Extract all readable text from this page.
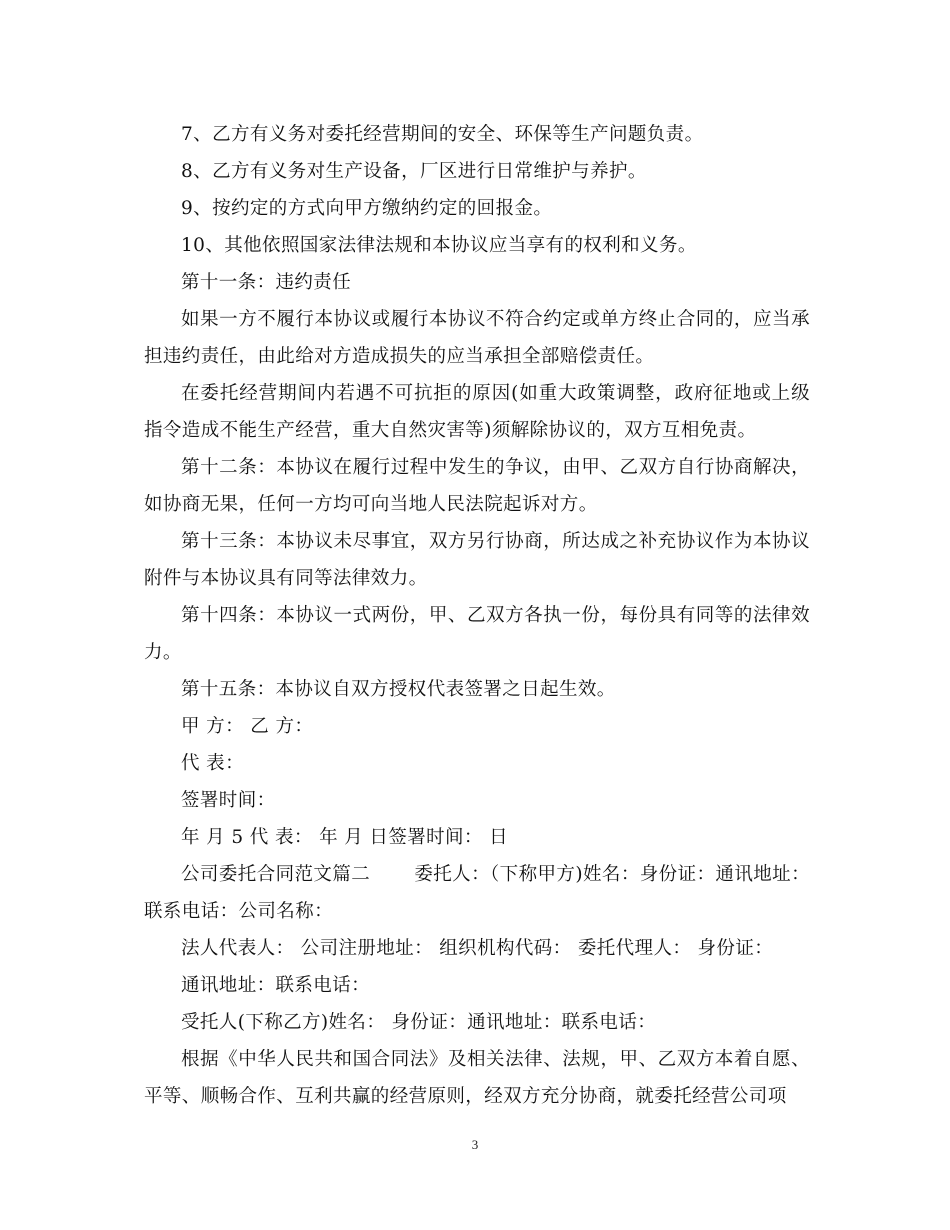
7、乙方有义务对委托经营期间的安全、环保等生产问题负责。

8、乙方有义务对生产设备，厂区进行日常维护与养护。

9、按约定的方式向甲方缴纳约定的回报金。

10、其他依照国家法律法规和本协议应当享有的权利和义务。

第十一条：违约责任

如果一方不履行本协议或履行本协议不符合约定或单方终止合同的，应当承担违约责任，由此给对方造成损失的应当承担全部赔偿责任。

在委托经营期间内若遇不可抗拒的原因(如重大政策调整，政府征地或上级指令造成不能生产经营，重大自然灾害等)须解除协议的，双方互相免责。

第十二条：本协议在履行过程中发生的争议，由甲、乙双方自行协商解决，如协商无果，任何一方均可向当地人民法院起诉对方。

第十三条：本协议未尽事宜，双方另行协商，所达成之补充协议作为本协议附件与本协议具有同等法律效力。

第十四条：本协议一式两份，甲、乙双方各执一份，每份具有同等的法律效力。

第十五条：本协议自双方授权代表签署之日起生效。

甲 方： 乙 方：

代 表：

签署时间：

年 月 5 代 表： 年 月 日签署时间： 日

公司委托合同范文篇二 　　委托人：（下称甲方)姓名：身份证：通讯地址：联系电话：公司名称：

法人代表人： 公司注册地址： 组织机构代码： 委托代理人： 身份证：

通讯地址：联系电话：

受托人(下称乙方)姓名： 身份证：通讯地址：联系电话：

根据《中华人民共和国合同法》及相关法律、法规，甲、乙双方本着自愿、平等、顺畅合作、互利共赢的经营原则，经双方充分协商，就委托经营公司项

3
